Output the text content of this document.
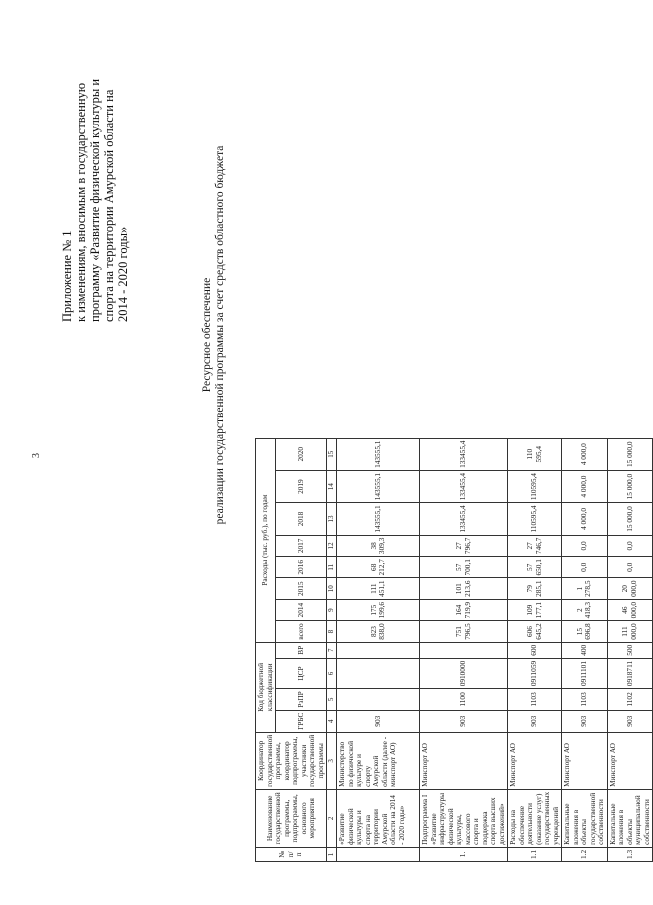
3
Приложение № 1 к изменениям, вносимым в государственную программу «Развитие физической культуры и спорта на территории Амурской области на 2014 - 2020 годы»
Ресурсное обеспечение реализации государственной программы за счет средств областного бюджета
№ п/п	Наименование государственной программы, подпрограммы, основного мероприятия	Координатор государственной программы, координатор подпрограммы, участники государственной программы	Код бюджетной классификации				Расходы (тыс. руб.), по годам							
			ГРБС	РзПР	ЦСР	ВР	всего	2014	2015	2016	2017	2018	2019	2020

1	2	3	4	5	6	7	8	9	10	11	12	13	14	15
	«Развитие физической культуры и спорта на территории Амурской области на 2014 - 2020 годы»	Министерство по физической культуре и спорту Амурской области (далее - минспорт АО)	903				823 838,0	175 199,6	111 451,1	68 212,7	38 309,3	143555,1	143555,1	143555,1
1.	Подпрограмма I «Развитие инфраструктуры физической культуры, массового спорта и поддержка спорта высших достижений»	Минспорт АО	903	1100	0910000		751 796,5	164 719,9	101 213,6	57 700,1	27 796,7	133455,4	133455,4	133455,4
1.1	Расходы на обеспечение деятельности (оказание услуг) государственных учреждений	Минспорт АО	903	1103	0911059	600	606 645,2	109 177,1	79 285,1	57 650,1	27 746,7	110595,4	110595,4	110 595,4
1.2	Капитальные вложения в объекты государственной собственности	Минспорт АО	903	1103	0911101	400	15 696,8	2 418,3	1 278,5	0,0	0,0	4 000,0	4 000,0	4 000,0
1.3	Капитальные вложения в объекты муниципальной собственности	Минспорт АО	903	1102	0918711	500	111 000,0	46 000,0	20 000,0	0,0	0,0	15 000,0	15 000,0	15 000,0
